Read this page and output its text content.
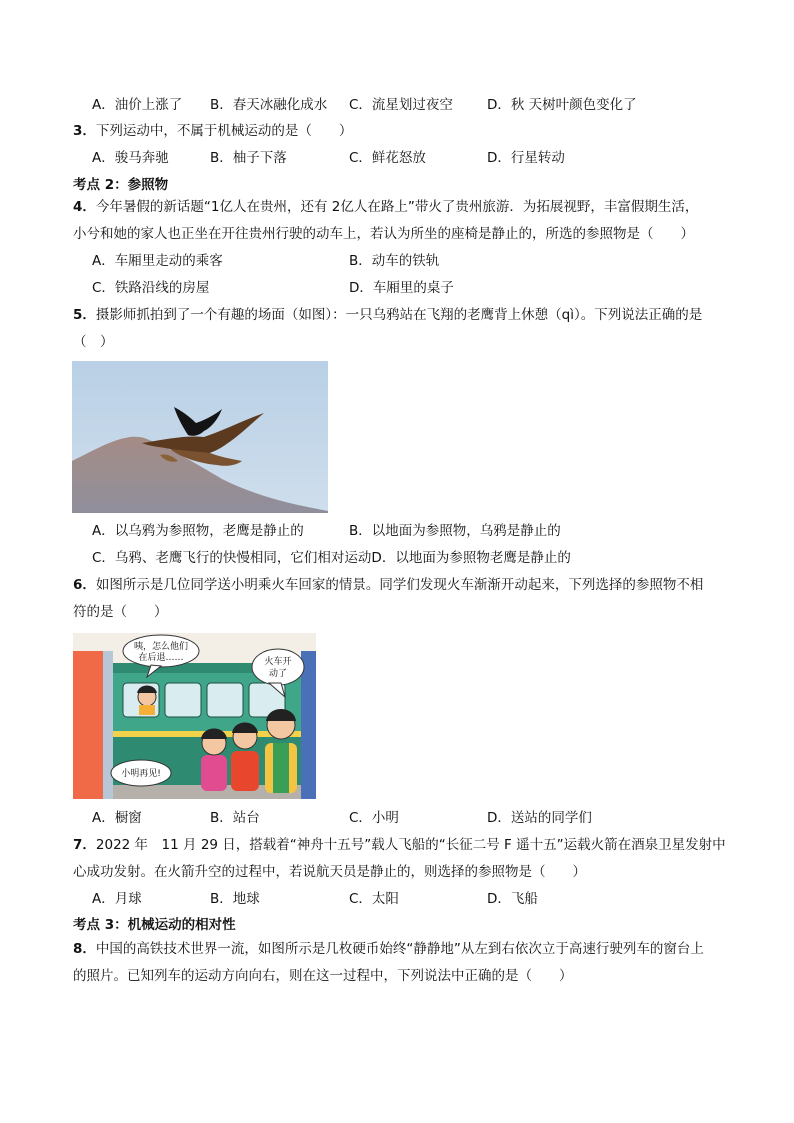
A．油价上涨了 B．春天冰融化成水 C．流星划过夜空	D．秋 天树叶颜色变化了
3．下列运动中，不属于机械运动的是（　　）
A．骏马奔驰	B．柚子下落	C．鲜花怒放	D．行星转动
考点 2：参照物
4．今年暑假的新话题“1亿人在贵州，还有 2亿人在路上”带火了贵州旅游．为拓展视野，丰富假期生活，
小兮和她的家人也正坐在开往贵州行驶的动车上，若认为所坐的座椅是静止的，所选的参照物是（　　）
A．车厢里走动的乘客	B．动车的铁轨
C．铁路沿线的房屋	D．车厢里的桌子
5．摄影师抓拍到了一个有趣的场面（如图）：一只乌鸦站在飞翔的老鹰背上休憩（qì）。下列说法正确的是
（　）
A．以乌鸦为参照物，老鹰是静止的	B．以地面为参照物，乌鸦是静止的
C．乌鸦、老鹰飞行的快慢相同，它们相对运动D．以地面为参照物老鹰是静止的
6．如图所示是几位同学送小明乘火车回家的情景。同学们发现火车渐渐开动起来，下列选择的参照物不相
符的是（　　）
咦，怎么他们
在后退……	火车开
动了
小明再见!
A．橱窗	B．站台	C．小明	D．送站的同学们
7．2022 年　11 月 29 日，搭载着“神舟十五号”载人飞船的“长征二号 F 遥十五”运载火箭在酒泉卫星发射中
心成功发射。在火箭升空的过程中，若说航天员是静止的，则选择的参照物是（　　）
A．月球	B．地球	C．太阳	D．飞船
考点 3：机械运动的相对性
8．中国的高铁技术世界一流，如图所示是几枚硬币始终“静静地”从左到右依次立于高速行驶列车的窗台上
的照片。已知列车的运动方向向右，则在这一过程中，下列说法中正确的是（　　）
